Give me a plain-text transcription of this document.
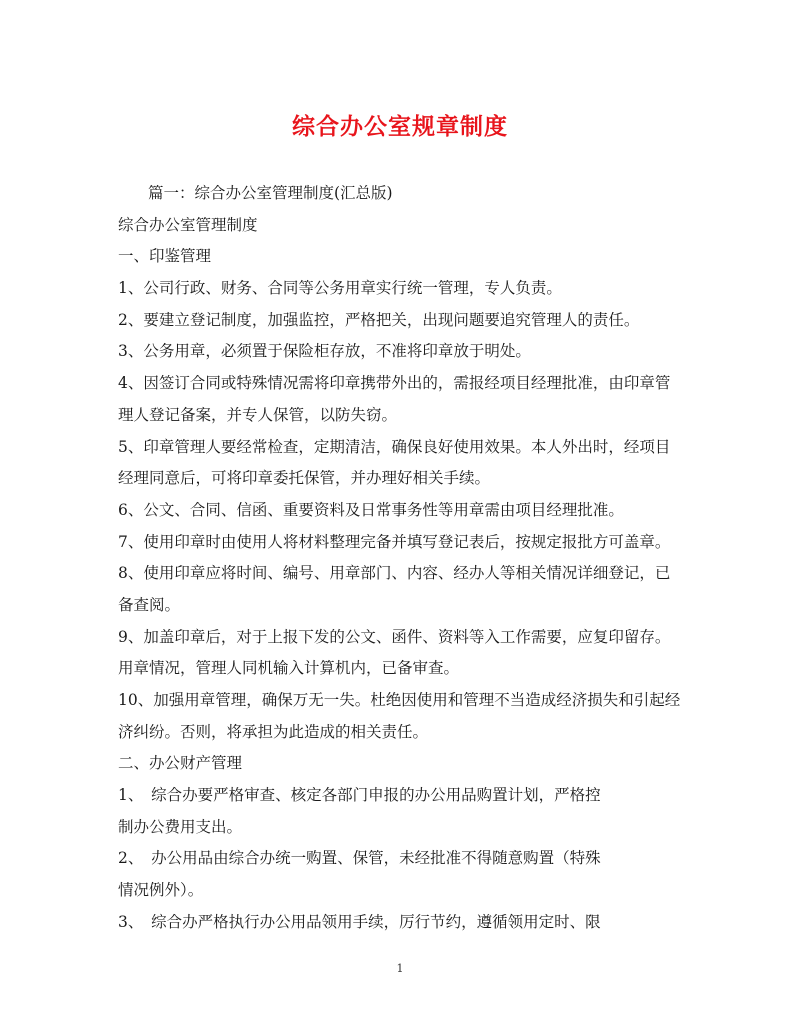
综合办公室规章制度
篇一：综合办公室管理制度(汇总版)
综合办公室管理制度
一、印鉴管理
1、公司行政、财务、合同等公务用章实行统一管理，专人负责。
2、要建立登记制度，加强监控，严格把关，出现问题要追究管理人的责任。
3、公务用章，必须置于保险柜存放，不准将印章放于明处。
4、因签订合同或特殊情况需将印章携带外出的，需报经项目经理批准，由印章管
理人登记备案，并专人保管，以防失窃。
5、印章管理人要经常检查，定期清洁，确保良好使用效果。本人外出时，经项目
经理同意后，可将印章委托保管，并办理好相关手续。
6、公文、合同、信函、重要资料及日常事务性等用章需由项目经理批准。
7、使用印章时由使用人将材料整理完备并填写登记表后，按规定报批方可盖章。
8、使用印章应将时间、编号、用章部门、内容、经办人等相关情况详细登记，已
备查阅。
9、加盖印章后，对于上报下发的公文、函件、资料等入工作需要，应复印留存。
用章情况，管理人同机输入计算机内，已备审查。
10、加强用章管理，确保万无一失。杜绝因使用和管理不当造成经济损失和引起经
济纠纷。否则，将承担为此造成的相关责任。
二、办公财产管理
1、　综合办要严格审查、核定各部门申报的办公用品购置计划，严格控
制办公费用支出。
2、　办公用品由综合办统一购置、保管，未经批准不得随意购置（特殊
情况例外）。
3、　综合办严格执行办公用品领用手续，厉行节约，遵循领用定时、限
1
